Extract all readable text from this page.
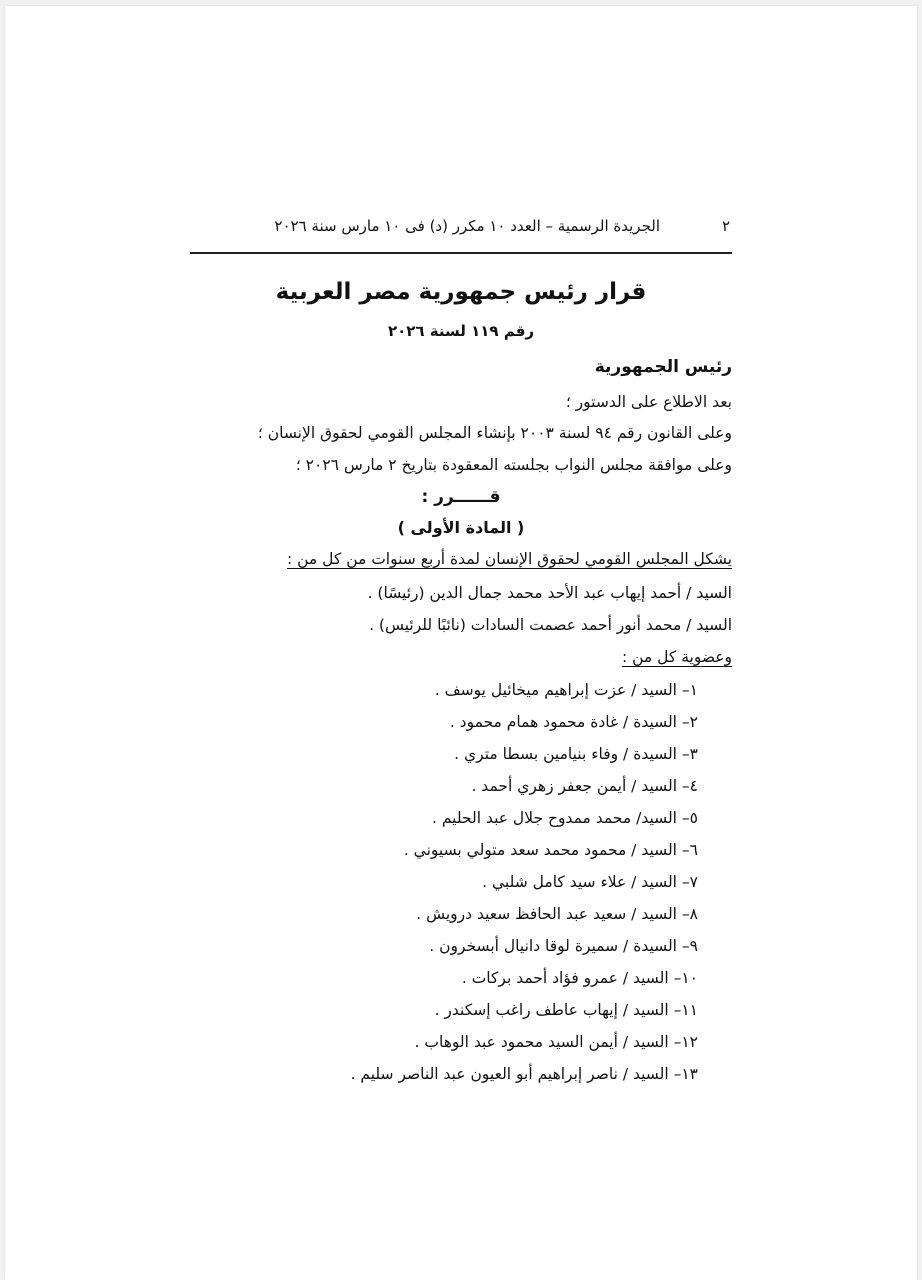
٢
الجريدة الرسمية – العدد ١٠ مكرر (د) فى ١٠ مارس سنة ٢٠٢٦
قرار رئيس جمهورية مصر العربية
رقم ١١٩ لسنة ٢٠٢٦
رئيس الجمهورية
بعد الاطلاع على الدستور ؛
وعلى القانون رقم ٩٤ لسنة ٢٠٠٣ بإنشاء المجلس القومي لحقوق الإنسان ؛
وعلى موافقة مجلس النواب بجلسته المعقودة بتاريخ ٢ مارس ٢٠٢٦ ؛
قــــــرر :
( المادة الأولى )
يشكل المجلس القومي لحقوق الإنسان لمدة أربع سنوات من كل من :
السيد / أحمد إيهاب عبد الأحد محمد جمال الدين (رئيسًا) .
السيد / محمد أنور أحمد عصمت السادات (نائبًا للرئيس) .
وعضوية كل من :
١– السيد / عزت إبراهيم ميخائيل يوسف .
٢– السيدة / غادة محمود همام محمود .
٣– السيدة / وفاء بنيامين بسطا متري .
٤– السيد / أيمن جعفر زهري أحمد .
٥– السيد/ محمد ممدوح جلال عبد الحليم .
٦– السيد / محمود محمد سعد متولي بسيوني .
٧– السيد / علاء سيد كامل شلبي .
٨– السيد / سعيد عبد الحافظ سعيد درويش .
٩– السيدة / سميرة لوقا دانيال أبسخرون .
١٠– السيد / عمرو فؤاد أحمد بركات .
١١– السيد / إيهاب عاطف راغب إسكندر .
١٢– السيد / أيمن السيد محمود عبد الوهاب .
١٣– السيد / ناصر إبراهيم أبو العيون عبد الناصر سليم .
